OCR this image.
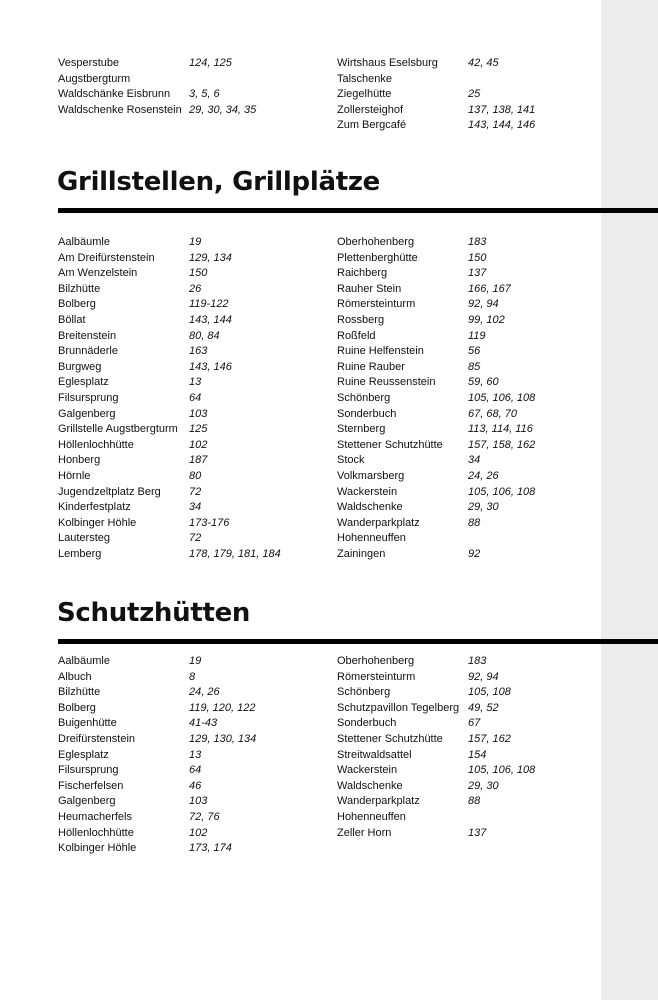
Vesperstube	124, 125
Augstbergturm
Waldschänke Eisbrunn 3, 5, 6
Waldschenke Rosenstein 29, 30, 34, 35
Wirtshaus Eselsburg	42, 45
Talschenke
Ziegelhütte	25
Zollersteighof	137, 138, 141
Zum Bergcafé	143, 144, 146
Grillstellen, Grillplätze
Aalbäumle	19
Am Dreifürstenstein	129, 134
Am Wenzelstein	150
Bilzhütte	26
Bolberg	119-122
Böllat	143, 144
Breitenstein	80, 84
Brunnäderle	163
Burgweg	143, 146
Eglesplatz	13
Filsursprung	64
Galgenberg	103
Grillstelle Augstbergturm 125
Höllenlochhütte	102
Honberg	187
Hörnle	80
Jugendzeltplatz Berg	72
Kinderfestplatz	34
Kolbinger Höhle	173-176
Lautersteg	72
Lemberg	178, 179, 181, 184
Oberhohenberg	183
Plettenberghütte	150
Raichberg	137
Rauher Stein	166, 167
Römersteinturm	92, 94
Rossberg	99, 102
Roßfeld	119
Ruine Helfenstein	56
Ruine Rauber	85
Ruine Reussenstein	59, 60
Schönberg	105, 106, 108
Sonderbuch	67, 68, 70
Sternberg	113, 114, 116
Stettener Schutzhütte 157, 158, 162
Stock	34
Volkmarsberg	24, 26
Wackerstein	105, 106, 108
Waldschenke	29, 30
Wanderparkplatz	88
Hohenneuffen
Zainingen	92
Schutzhütten
Aalbäumle	19
Albuch	8
Bilzhütte	24, 26
Bolberg	119, 120, 122
Buigenhütte	41-43
Dreifürstenstein	129, 130, 134
Eglesplatz	13
Filsursprung	64
Fischerfelsen	46
Galgenberg	103
Heumacherfels	72, 76
Höllenlochhütte	102
Kolbinger Höhle	173, 174
Oberhohenberg	183
Römersteinturm	92, 94
Schönberg	105, 108
Schutzpavillon Tegelberg 49, 52
Sonderbuch	67
Stettener Schutzhütte 157, 162
Streitwaldsattel	154
Wackerstein	105, 106, 108
Waldschenke	29, 30
Wanderparkplatz	88
Hohenneuffen
Zeller Horn	137
